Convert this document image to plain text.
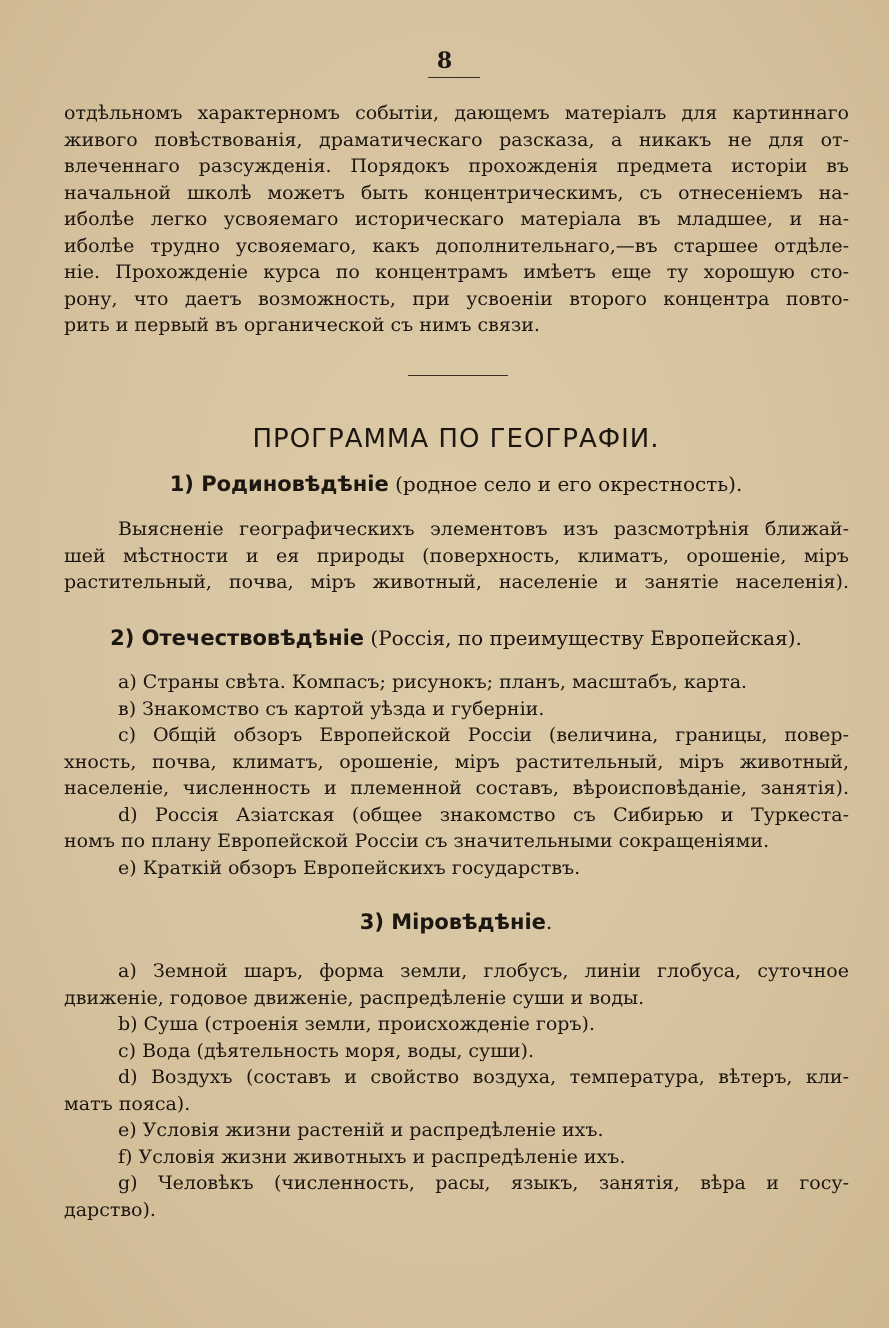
8
отдѣльномъ характерномъ событіи, дающемъ матеріалъ для картиннаго
живого повѣствованія, драматическаго разсказа, а никакъ не для от-
влеченнаго разсужденія. Порядокъ прохожденія предмета исторіи въ
начальной школѣ можетъ быть концентрическимъ, съ отнесеніемъ на-
иболѣе легко усвояемаго историческаго матеріала въ младшее, и на-
иболѣе трудно усвояемаго, какъ дополнительнаго,—въ старшее отдѣле-
ніе. Прохожденіе курса по концентрамъ имѣетъ еще ту хорошую сто-
рону, что даетъ возможность, при усвоеніи второго концентра повто-
рить и первый въ органической съ нимъ связи.
ПРОГРАММА ПО ГЕОГРАФІИ.
1) Родиновѣдѣніе (родное село и его окрестность).
Выясненіе географическихъ элементовъ изъ разсмотрѣнія ближай-
шей мѣстности и ея природы (поверхность, климатъ, орошеніе, міръ
растительный, почва, міръ животный, населеніе и занятіе населенія).
2) Отечествовѣдѣніе (Россія, по преимуществу Европейская).
а) Страны свѣта. Компасъ; рисунокъ; планъ, масштабъ, карта.
в) Знакомство съ картой уѣзда и губерніи.
с) Общій обзоръ Европейской Россіи (величина, границы, повер-
хность, почва, климатъ, орошеніе, міръ растительный, міръ животный,
населеніе, численность и племенной составъ, вѣроисповѣданіе, занятія).
d) Россія Азіатская (общее знакомство съ Сибирью и Туркеста-
номъ по плану Европейской Россіи съ значительными сокращеніями.
е) Краткій обзоръ Европейскихъ государствъ.
3) Міровѣдѣніе.
а) Земной шаръ, форма земли, глобусъ, линіи глобуса, суточное
движеніе, годовое движеніе, распредѣленіе суши и воды.
b) Суша (строенія земли, происхожденіе горъ).
с) Вода (дѣятельность моря, воды, суши).
d) Воздухъ (составъ и свойство воздуха, температура, вѣтеръ, кли-
матъ пояса).
е) Условія жизни растеній и распредѣленіе ихъ.
f) Условія жизни животныхъ и распредѣленіе ихъ.
g) Человѣкъ (численность, расы, языкъ, занятія, вѣра и госу-
дарство).
